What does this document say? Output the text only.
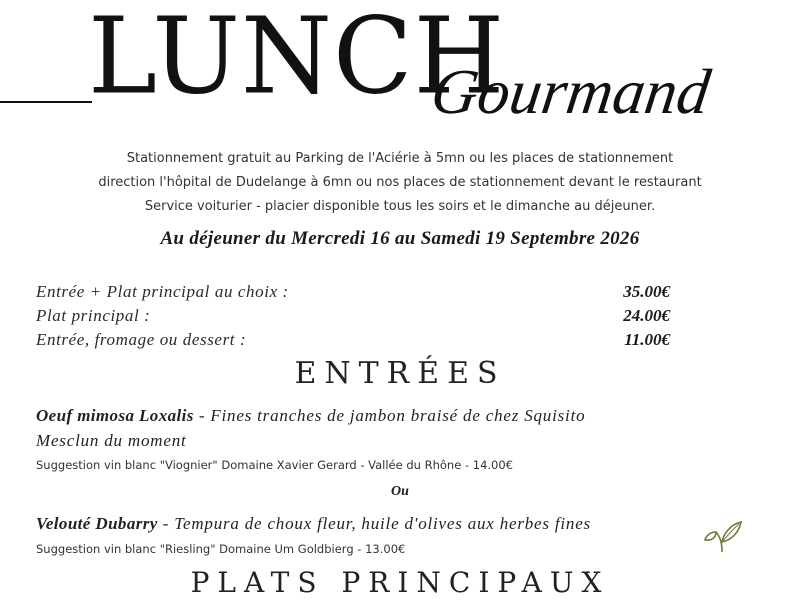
LUNCH
Gourmand
Stationnement gratuit au Parking de l'Aciérie à 5mn ou les places de stationnement
direction l'hôpital de Dudelange à 6mn ou nos places de stationnement devant le restaurant
Service voiturier - placier disponible tous les soirs et le dimanche au déjeuner.
Au déjeuner du Mercredi 16 au Samedi 19 Septembre 2026
Entrée + Plat principal au choix :	35.00€
Plat principal :	24.00€
Entrée, fromage ou dessert :	11.00€
ENTRÉES
Oeuf mimosa Loxalis - Fines tranches de jambon braisé de chez Squisito
Mesclun du moment
Suggestion vin blanc "Viognier" Domaine Xavier Gerard - Vallée du Rhône - 14.00€
Ou
Velouté Dubarry - Tempura de choux fleur, huile d'olives aux herbes fines
Suggestion vin blanc "Riesling" Domaine Um Goldbierg - 13.00€
PLATS PRINCIPAUX
